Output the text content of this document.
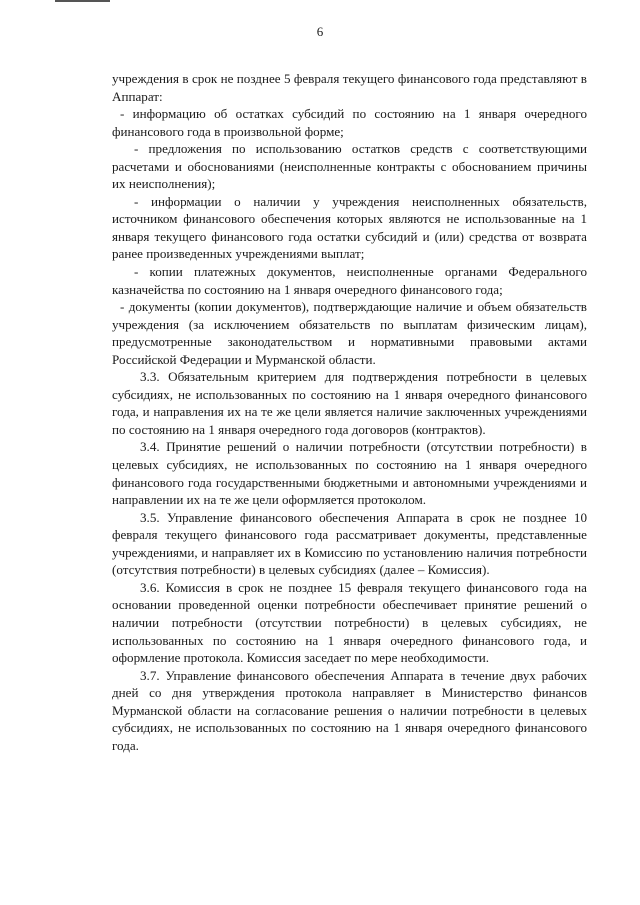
6

учреждения в срок не позднее 5 февраля текущего финансового года представляют в Аппарат:

- информацию об остатках субсидий по состоянию на 1 января очередного финансового года в произвольной форме;

- предложения по использованию остатков средств с соответствующими расчетами и обоснованиями (неисполненные контракты с обоснованием причины их неисполнения);

- информации о наличии у учреждения неисполненных обязательств, источником финансового обеспечения которых являются не использованные на 1 января текущего финансового года остатки субсидий и (или) средства от возврата ранее произведенных учреждениями выплат;

- копии платежных документов, неисполненные органами Федерального казначейства по состоянию на 1 января очередного финансового года;

- документы (копии документов), подтверждающие наличие и объем обязательств учреждения (за исключением обязательств по выплатам физическим лицам), предусмотренные законодательством и нормативными правовыми актами Российской Федерации и Мурманской области.

3.3. Обязательным критерием для подтверждения потребности в целевых субсидиях, не использованных по состоянию на 1 января очередного финансового года, и направления их на те же цели является наличие заключенных учреждениями по состоянию на 1 января очередного года договоров (контрактов).

3.4. Принятие решений о наличии потребности (отсутствии потребности) в целевых субсидиях, не использованных по состоянию на 1 января очередного финансового года государственными бюджетными и автономными учреждениями и направлении их на те же цели оформляется протоколом.

3.5. Управление финансового обеспечения Аппарата в срок не позднее 10 февраля текущего финансового года рассматривает документы, представленные учреждениями, и направляет их в Комиссию по установлению наличия потребности (отсутствия потребности) в целевых субсидиях (далее – Комиссия).

3.6. Комиссия в срок не позднее 15 февраля текущего финансового года на основании проведенной оценки потребности обеспечивает принятие решений о наличии потребности (отсутствии потребности) в целевых субсидиях, не использованных по состоянию на 1 января очередного финансового года, и оформление протокола. Комиссия заседает по мере необходимости.

3.7. Управление финансового обеспечения Аппарата в течение двух рабочих дней со дня утверждения протокола направляет в Министерство финансов Мурманской области на согласование решения о наличии потребности в целевых субсидиях, не использованных по состоянию на 1 января очередного финансового года.
